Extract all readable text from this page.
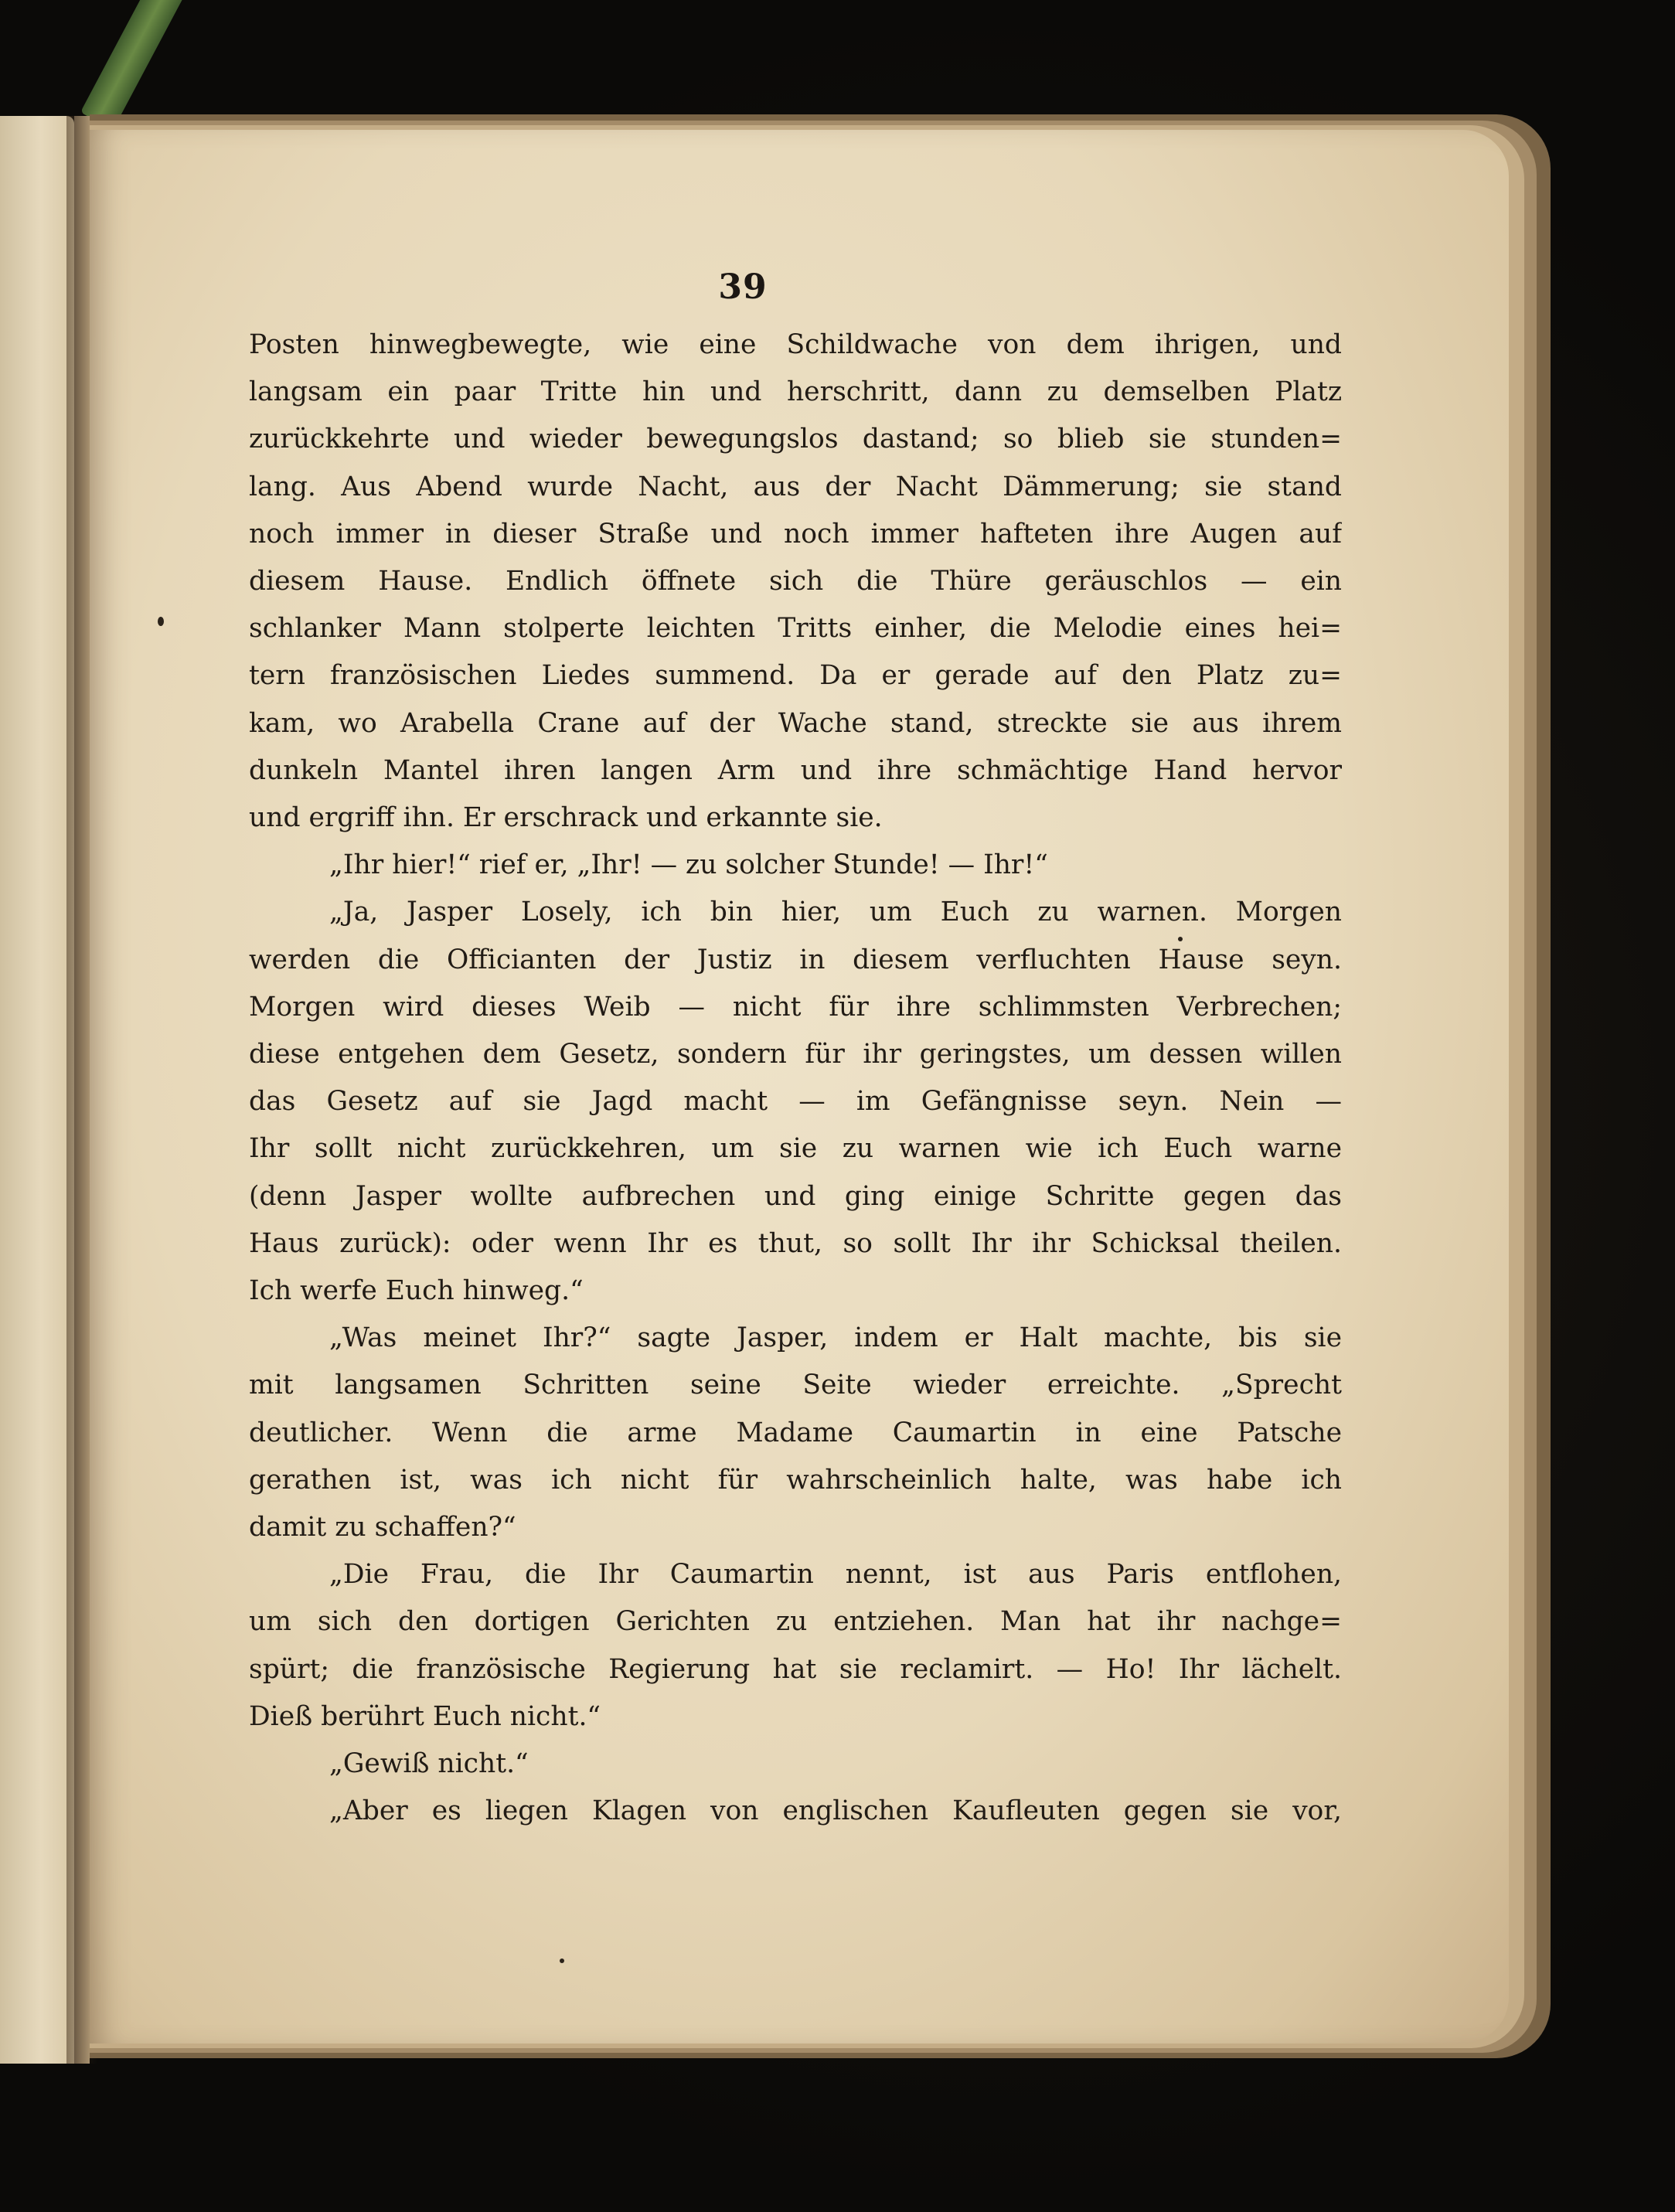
39
Posten hinwegbewegte, wie eine Schildwache von dem ihrigen, und
langsam ein paar Tritte hin und herschritt, dann zu demselben Platz
zurückkehrte und wieder bewegungslos dastand; so blieb sie stunden=
lang. Aus Abend wurde Nacht, aus der Nacht Dämmerung; sie stand
noch immer in dieser Straße und noch immer hafteten ihre Augen auf
diesem Hause. Endlich öffnete sich die Thüre geräuschlos — ein
schlanker Mann stolperte leichten Tritts einher, die Melodie eines hei=
tern französischen Liedes summend. Da er gerade auf den Platz zu=
kam, wo Arabella Crane auf der Wache stand, streckte sie aus ihrem
dunkeln Mantel ihren langen Arm und ihre schmächtige Hand hervor
und ergriff ihn. Er erschrack und erkannte sie.
„Ihr hier!“ rief er, „Ihr! — zu solcher Stunde! — Ihr!“
„Ja, Jasper Losely, ich bin hier, um Euch zu warnen. Morgen
werden die Officianten der Justiz in diesem verfluchten Hause seyn.
Morgen wird dieses Weib — nicht für ihre schlimmsten Verbrechen;
diese entgehen dem Gesetz, sondern für ihr geringstes, um dessen willen
das Gesetz auf sie Jagd macht — im Gefängnisse seyn. Nein —
Ihr sollt nicht zurückkehren, um sie zu warnen wie ich Euch warne
(denn Jasper wollte aufbrechen und ging einige Schritte gegen das
Haus zurück): oder wenn Ihr es thut, so sollt Ihr ihr Schicksal theilen.
Ich werfe Euch hinweg.“
„Was meinet Ihr?“ sagte Jasper, indem er Halt machte, bis sie
mit langsamen Schritten seine Seite wieder erreichte. „Sprecht
deutlicher. Wenn die arme Madame Caumartin in eine Patsche
gerathen ist, was ich nicht für wahrscheinlich halte, was habe ich
damit zu schaffen?“
„Die Frau, die Ihr Caumartin nennt, ist aus Paris entflohen,
um sich den dortigen Gerichten zu entziehen. Man hat ihr nachge=
spürt; die französische Regierung hat sie reclamirt. — Ho! Ihr lächelt.
Dieß berührt Euch nicht.“
„Gewiß nicht.“
„Aber es liegen Klagen von englischen Kaufleuten gegen sie vor,
